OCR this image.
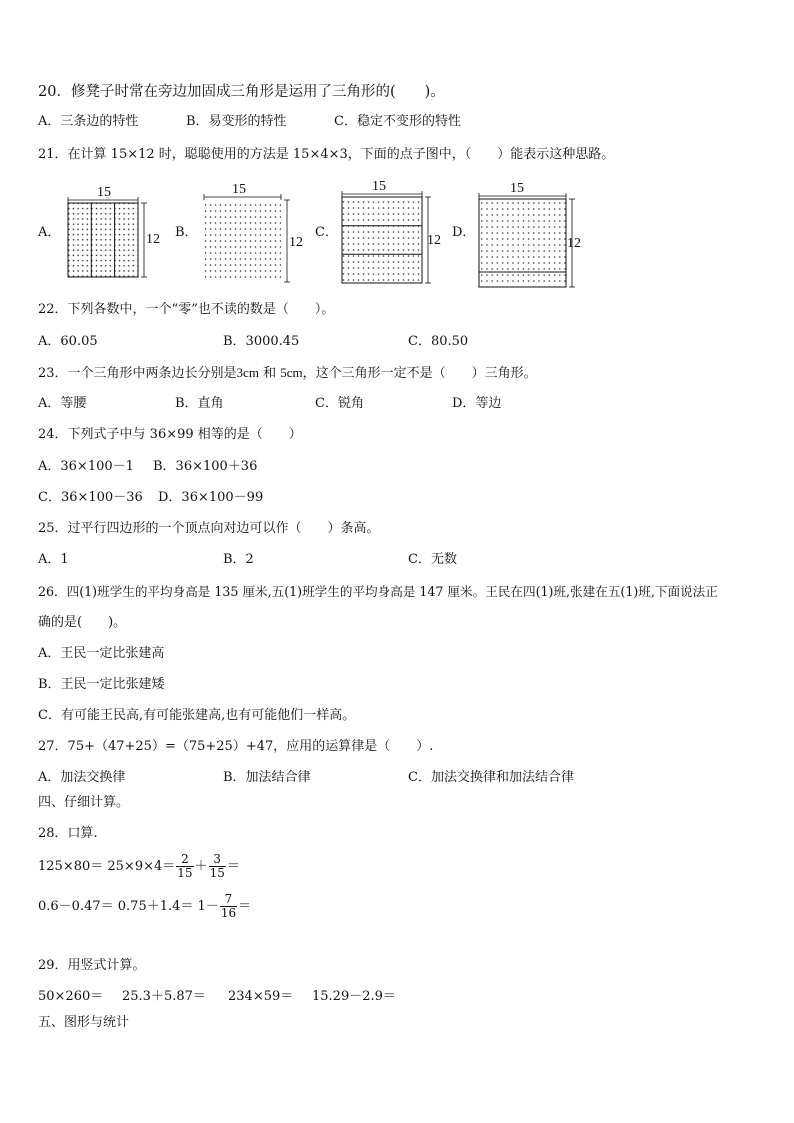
20．修凳子时常在旁边加固成三角形是运用了三角形的(　　)。
A．三条边的特性	B．易变形的特性	C．稳定不变形的特性
21．在计算 15×12 时，聪聪使用的方法是 15×4×3，下面的点子图中，（　　）能表示这种思路。
A．	B．	C．	D．
15
12
15
12
15
12
15
12
22．下列各数中，一个“零”也不读的数是（　　）。
A．60.05	B．3000.45	C．80.50
23．一个三角形中两条边长分别是3cm 和 5cm，这个三角形一定不是（　　）三角形。
A．等腰	B．直角	C．锐角	D．等边
24．下列式子中与 36×99 相等的是（　　）
A．36×100－1 B．36×100＋36
C．36×100－36 D．36×100－99
25．过平行四边形的一个顶点向对边可以作（　　）条高。
A．1	B．2	C．无数
26．四(1)班学生的平均身高是 135 厘米,五(1)班学生的平均身高是 147 厘米。王民在四(1)班,张建在五(1)班,下面说法正
确的是(　　)。
A．王民一定比张建高
B．王民一定比张建矮
C．有可能王民高,有可能张建高,也有可能他们一样高。
27．75+（47+25）=（75+25）+47，应用的运算律是（　　）.
A．加法交换律	B．加法结合律	C．加法交换律和加法结合律
四、仔细计算。
28．口算.
$125\times 80= 25\times 9\times 4= \frac{2}{15} + \frac{3}{15}$ ＝
$0.6-0.47= 0.75+1.4= 1- \frac{7}{16}$ ＝
29．用竖式计算。
50×260＝ 25.3＋5.87＝ 234×59＝ 15.29－2.9＝
五、图形与统计
